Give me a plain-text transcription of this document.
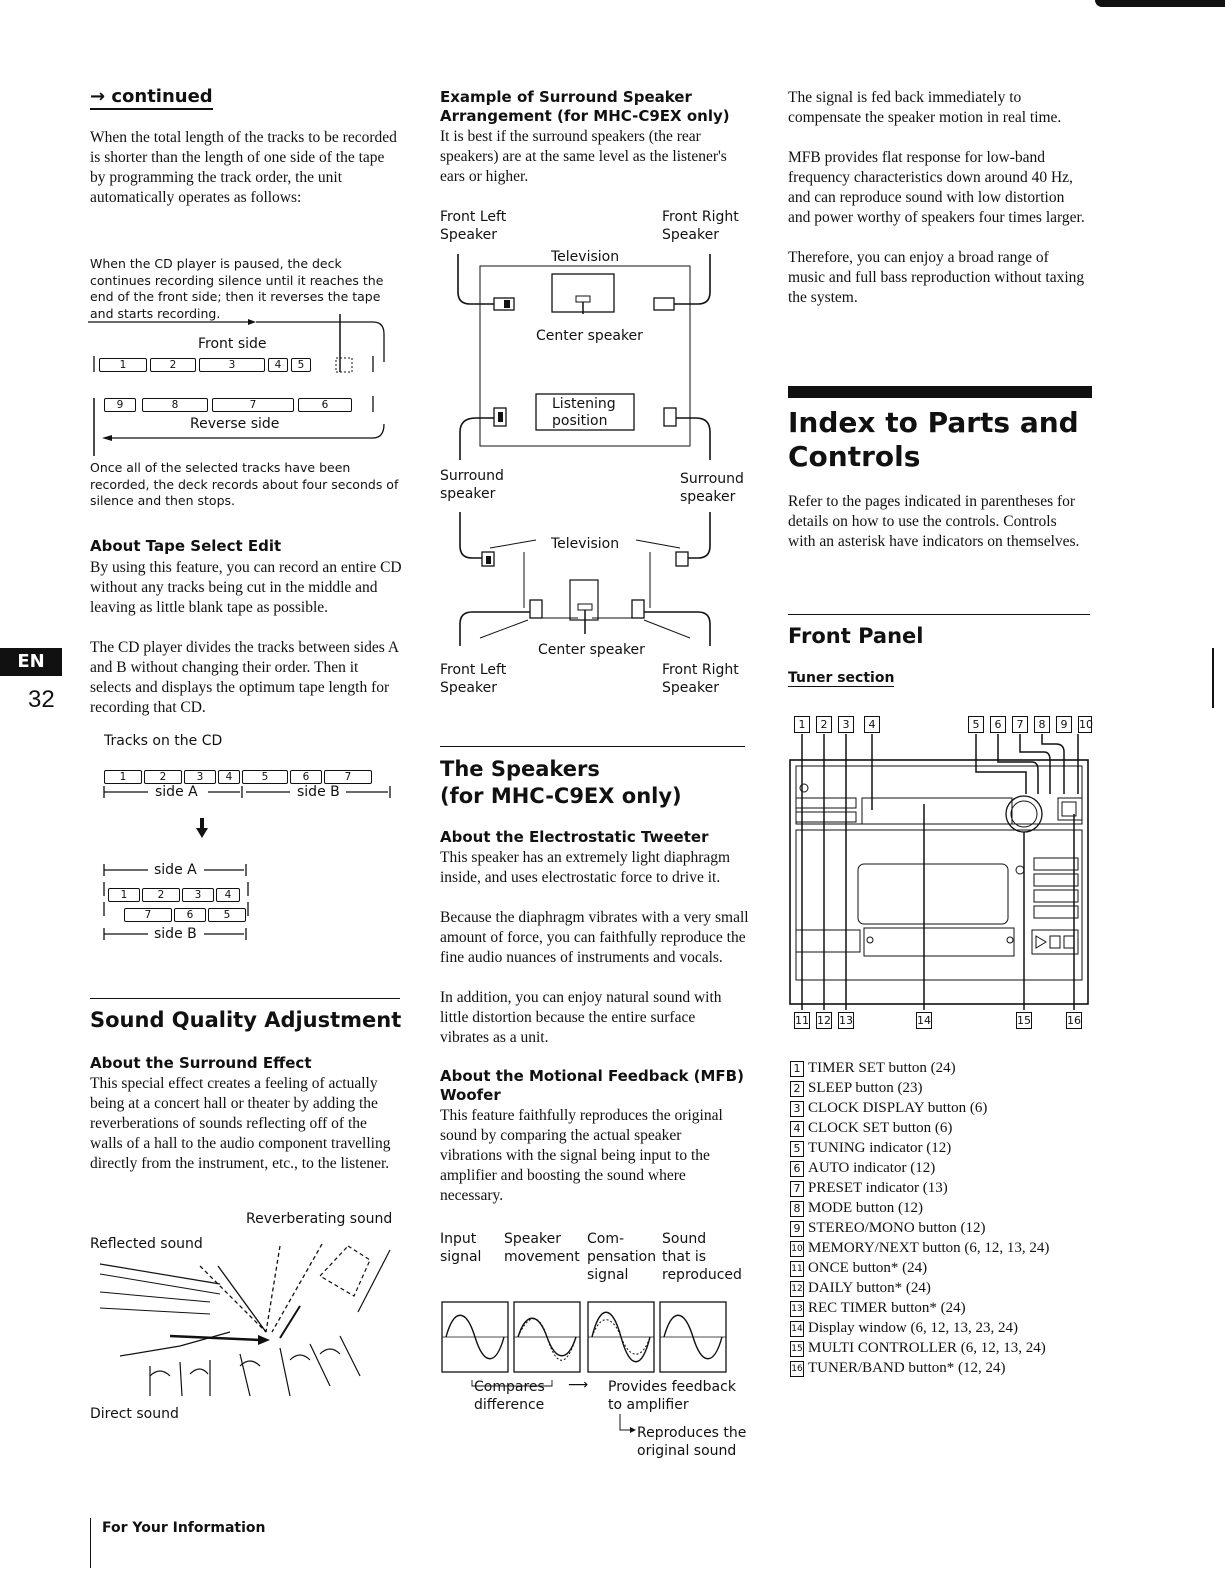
EN
32
→ continued
When the total length of the tracks to be recorded is shorter than the length of one side of the tape by programming the track order, the unit automatically operates as follows:
When the CD player is paused, the deck continues recording silence until it reaches the end of the front side; then it reverses the tape and starts recording.
Front side
1	2	3	4	5
9	8	7	6
Reverse side
Once all of the selected tracks have been recorded, the deck records about four seconds of silence and then stops.
About Tape Select Edit
By using this feature, you can record an entire CD without any tracks being cut in the middle and leaving as little blank tape as possible.
The CD player divides the tracks between sides A and B without changing their order. Then it selects and displays the optimum tape length for recording that CD.
Tracks on the CD
1	2	3	4	5	6	7
side A	side B
side A
1	2	3	4
7	6	5
side B
Sound Quality Adjustment
About the Surround Effect
This special effect creates a feeling of actually being at a concert hall or theater by adding the reverberations of sounds reflecting off of the walls of a hall to the audio component travelling directly from the instrument, etc., to the listener.
Reverberating sound
Reflected sound
Direct sound
For Your Information
Example of Surround Speaker Arrangement (for MHC-C9EX only)
It is best if the surround speakers (the rear speakers) are at the same level as the listener's ears or higher.
Front Left
Speaker
Front Right
Speaker
Television
Center speaker
Listening
position
Surround
speaker
Surround
speaker
Television
Center speaker
Front Left
Speaker
Front Right
Speaker
The Speakers
(for MHC-C9EX only)
About the Electrostatic Tweeter
This speaker has an extremely light diaphragm inside, and uses electrostatic force to drive it.
Because the diaphragm vibrates with a very small amount of force, you can faithfully reproduce the fine audio nuances of instruments and vocals.
In addition, you can enjoy natural sound with little distortion because the entire surface vibrates as a unit.
About the Motional Feedback (MFB) Woofer
This feature faithfully reproduces the original sound by comparing the actual speaker vibrations with the signal being input to the amplifier and boosting the sound where necessary.
Input
signal
Speaker
movement
Com-
pensation
signal
Sound
that is
reproduced
Compares
difference
⟶ Provides feedback
to amplifier
Reproduces the
original sound
The signal is fed back immediately to compensate the speaker motion in real time.
MFB provides flat response for low-band frequency characteristics down around 40 Hz, and can reproduce sound with low distortion and power worthy of speakers four times larger.
Therefore, you can enjoy a broad range of music and full bass reproduction without taxing the system.
Index to Parts and Controls
Refer to the pages indicated in parentheses for details on how to use the controls. Controls with an asterisk have indicators on themselves.
Front Panel
Tuner section
1	2	3	4	5	6	7	8	9	10
11 12 13	14	15	16
1 TIMER SET button (24)
2 SLEEP button (23)
3 CLOCK DISPLAY button (6)
4 CLOCK SET button (6)
5 TUNING indicator (12)
6 AUTO indicator (12)
7 PRESET indicator (13)
8 MODE button (12)
9 STEREO/MONO button (12)
10 MEMORY/NEXT button (6, 12, 13, 24)
11 ONCE button* (24)
12 DAILY button* (24)
13 REC TIMER button* (24)
14 Display window (6, 12, 13, 23, 24)
15 MULTI CONTROLLER (6, 12, 13, 24)
16 TUNER/BAND button* (12, 24)
